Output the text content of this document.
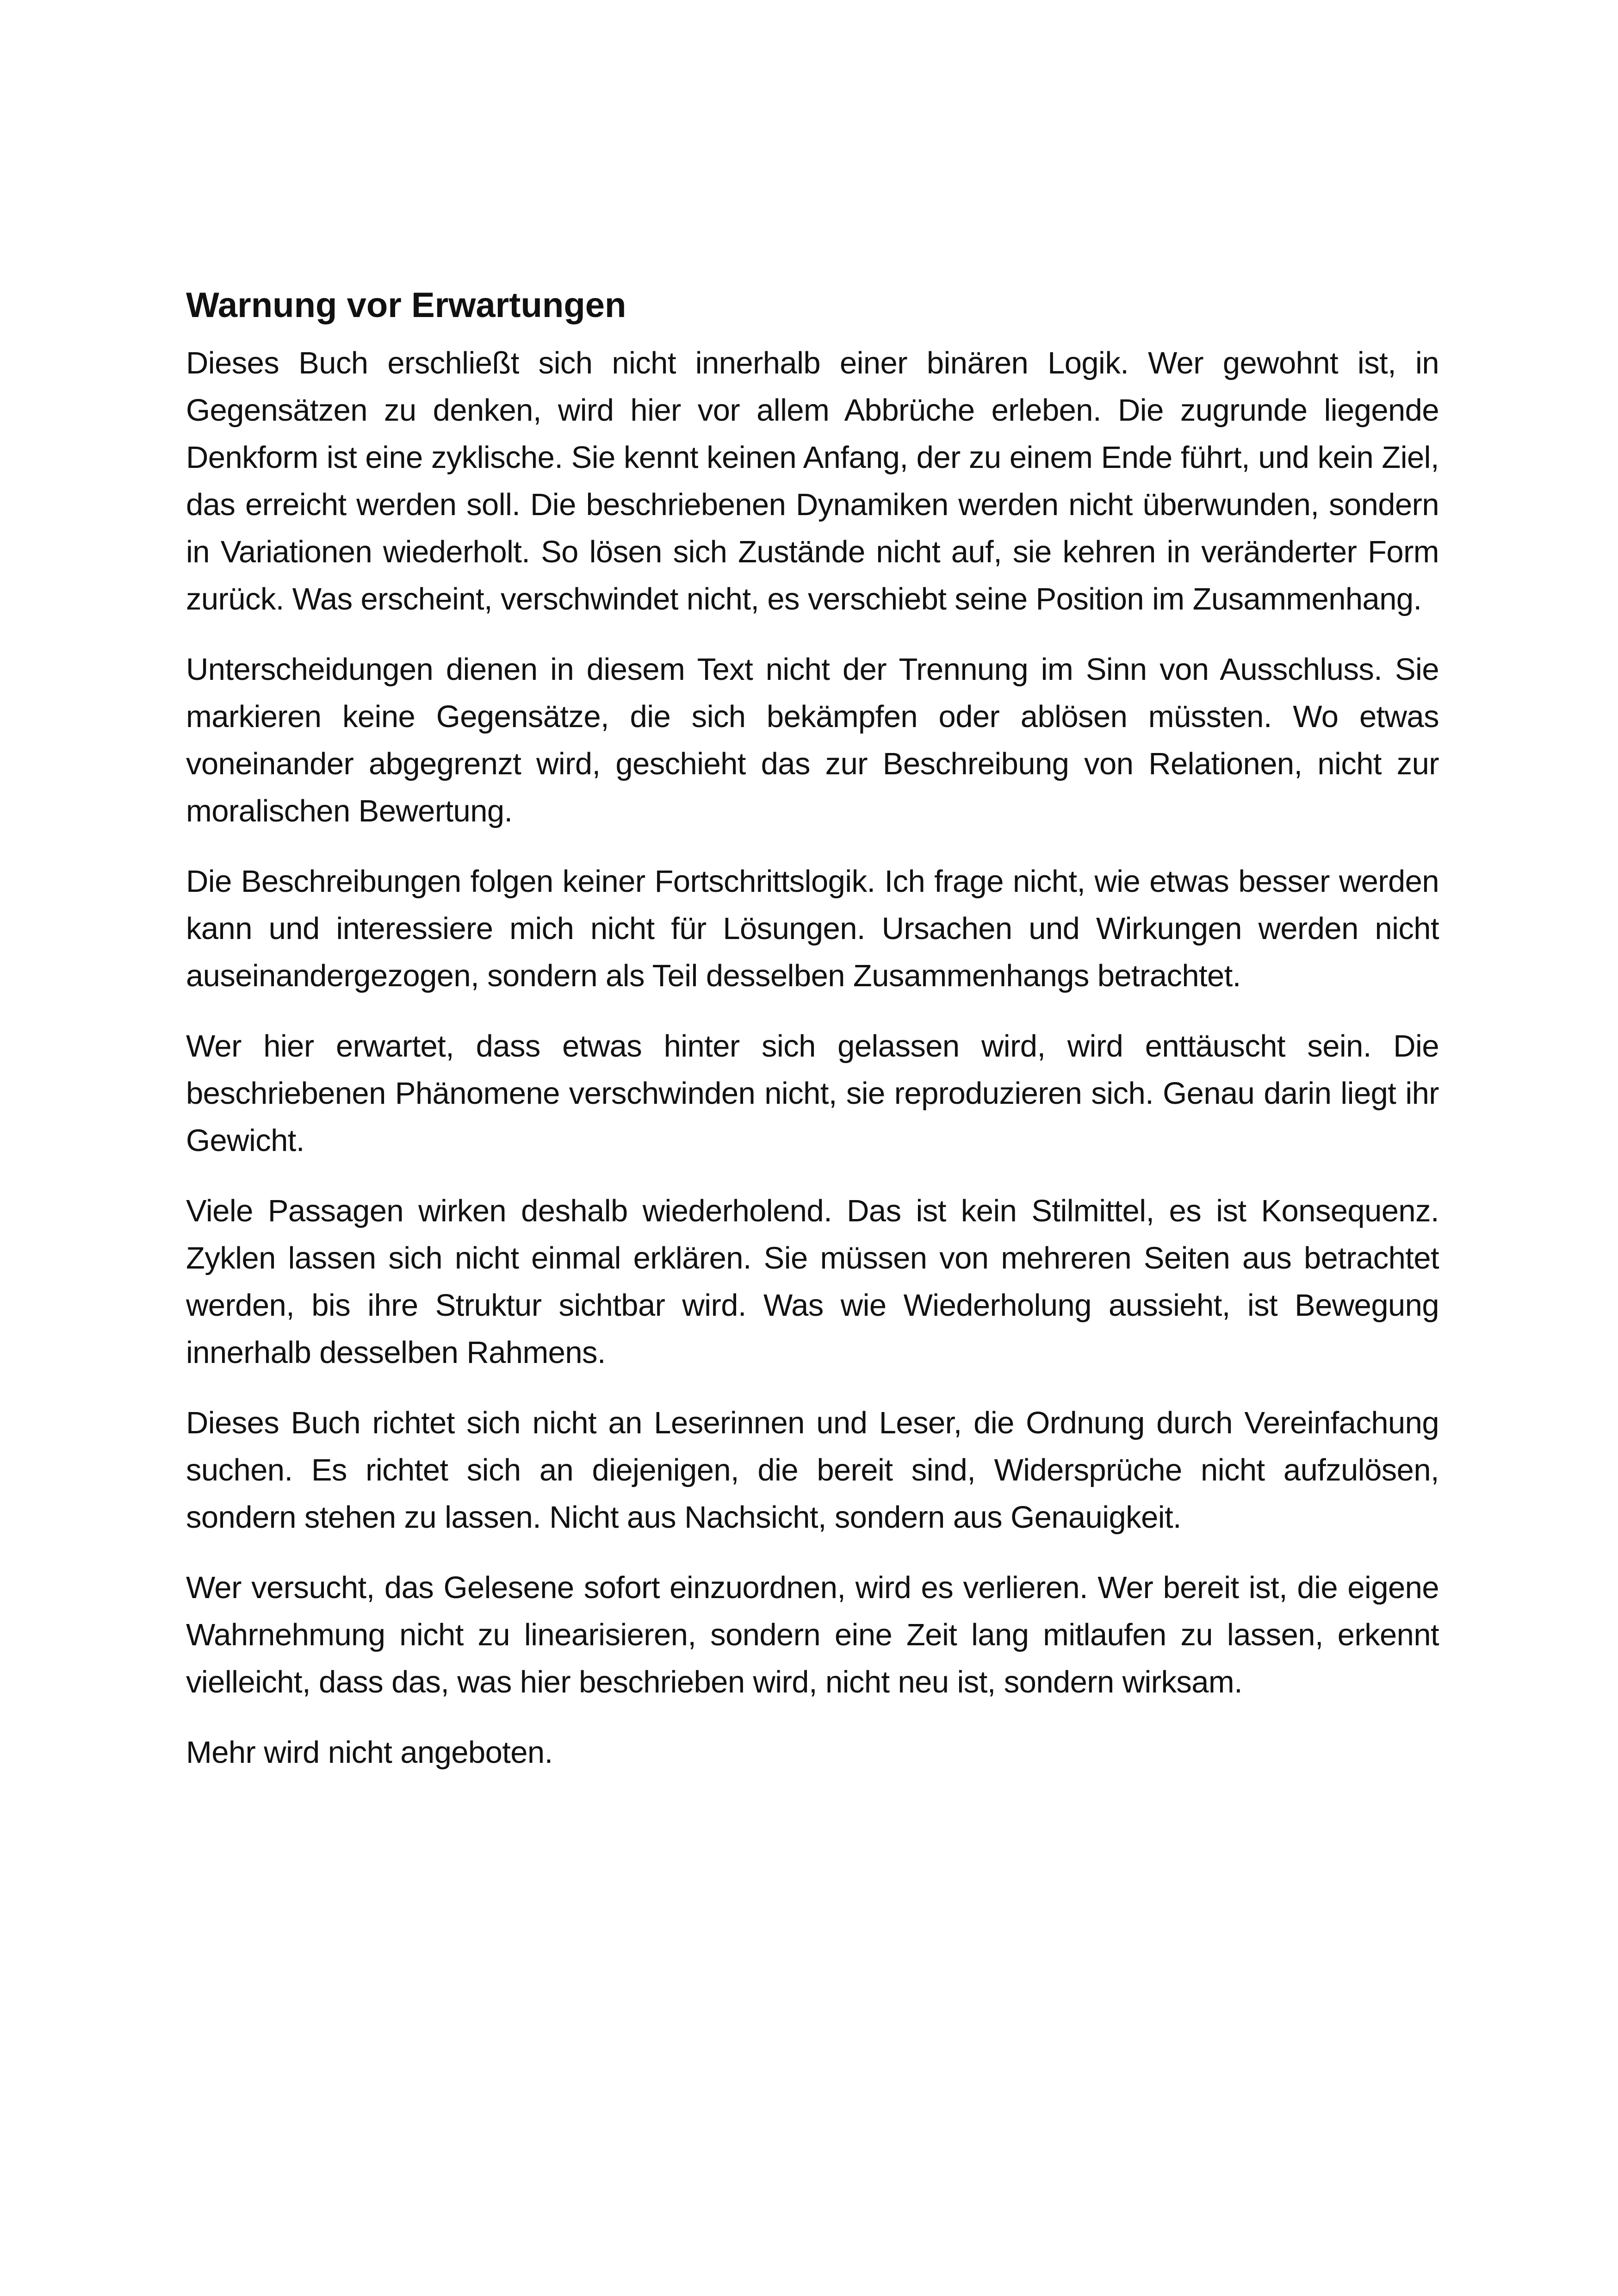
Warnung vor Erwartungen

Dieses Buch erschließt sich nicht innerhalb einer binären Logik. Wer gewohnt ist, in Gegensätzen zu denken, wird hier vor allem Abbrüche erleben. Die zugrunde liegende Denkform ist eine zyklische. Sie kennt keinen Anfang, der zu einem Ende führt, und kein Ziel, das erreicht werden soll. Die beschriebenen Dynamiken werden nicht überwunden, sondern in Variationen wiederholt. So lösen sich Zustände nicht auf, sie kehren in veränderter Form zurück. Was erscheint, verschwindet nicht, es verschiebt seine Position im Zusammenhang.

Unterscheidungen dienen in diesem Text nicht der Trennung im Sinn von Ausschluss. Sie markieren keine Gegensätze, die sich bekämpfen oder ablösen müssten. Wo etwas voneinander abgegrenzt wird, geschieht das zur Beschreibung von Relationen, nicht zur moralischen Bewertung.

Die Beschreibungen folgen keiner Fortschrittslogik. Ich frage nicht, wie etwas besser werden kann und interessiere mich nicht für Lösungen. Ursachen und Wirkungen werden nicht auseinandergezogen, sondern als Teil desselben Zusammenhangs betrachtet.

Wer hier erwartet, dass etwas hinter sich gelassen wird, wird enttäuscht sein. Die beschriebenen Phänomene verschwinden nicht, sie reproduzieren sich. Genau darin liegt ihr Gewicht.

Viele Passagen wirken deshalb wiederholend. Das ist kein Stilmittel, es ist Konsequenz. Zyklen lassen sich nicht einmal erklären. Sie müssen von mehreren Seiten aus betrachtet werden, bis ihre Struktur sichtbar wird. Was wie Wiederholung aussieht, ist Bewegung innerhalb desselben Rahmens.

Dieses Buch richtet sich nicht an Leserinnen und Leser, die Ordnung durch Vereinfachung suchen. Es richtet sich an diejenigen, die bereit sind, Widersprüche nicht aufzulösen, sondern stehen zu lassen. Nicht aus Nachsicht, sondern aus Genauigkeit.

Wer versucht, das Gelesene sofort einzuordnen, wird es verlieren. Wer bereit ist, die eigene Wahrnehmung nicht zu linearisieren, sondern eine Zeit lang mitlaufen zu lassen, erkennt vielleicht, dass das, was hier beschrieben wird, nicht neu ist, sondern wirksam.

Mehr wird nicht angeboten.
